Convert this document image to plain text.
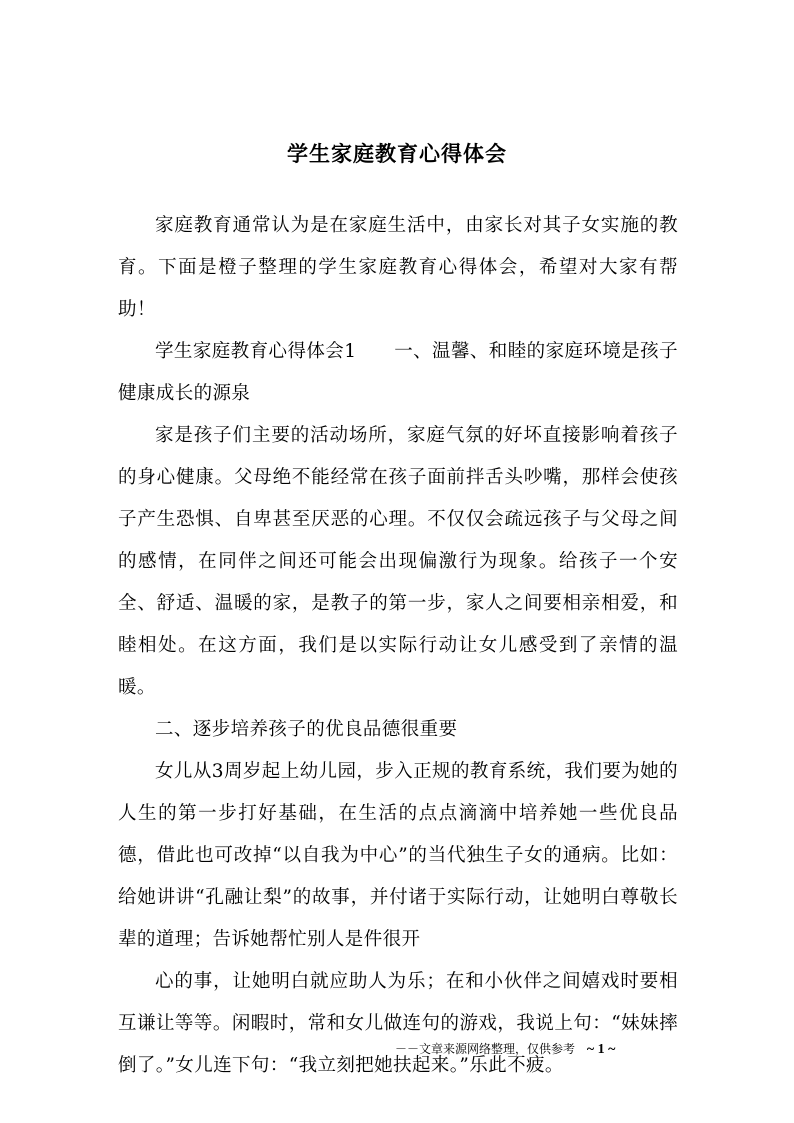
学生家庭教育心得体会

家庭教育通常认为是在家庭生活中，由家长对其子女实施的教育。下面是橙子整理的学生家庭教育心得体会，希望对大家有帮助！

学生家庭教育心得体会1      一、温馨、和睦的家庭环境是孩子健康成长的源泉

家是孩子们主要的活动场所，家庭气氛的好坏直接影响着孩子的身心健康。父母绝不能经常在孩子面前拌舌头吵嘴，那样会使孩子产生恐惧、自卑甚至厌恶的心理。不仅仅会疏远孩子与父母之间的感情，在同伴之间还可能会出现偏激行为现象。给孩子一个安全、舒适、温暖的家，是教子的第一步，家人之间要相亲相爱，和睦相处。在这方面，我们是以实际行动让女儿感受到了亲情的温暖。

二、逐步培养孩子的优良品德很重要

女儿从3周岁起上幼儿园，步入正规的教育系统，我们要为她的人生的第一步打好基础，在生活的点点滴滴中培养她一些优良品德，借此也可改掉“以自我为中心”的当代独生子女的通病。比如：给她讲讲“孔融让梨”的故事，并付诸于实际行动，让她明白尊敬长辈的道理；告诉她帮忙别人是件很开

心的事，让她明白就应助人为乐；在和小伙伴之间嬉戏时要相互谦让等等。闲暇时，常和女儿做连句的游戏，我说上句：“妹妹摔倒了。”女儿连下句：“我立刻把她扶起来。”乐此不疲。

－－文章来源网络整理，仅供参考 ~ 1 ~
